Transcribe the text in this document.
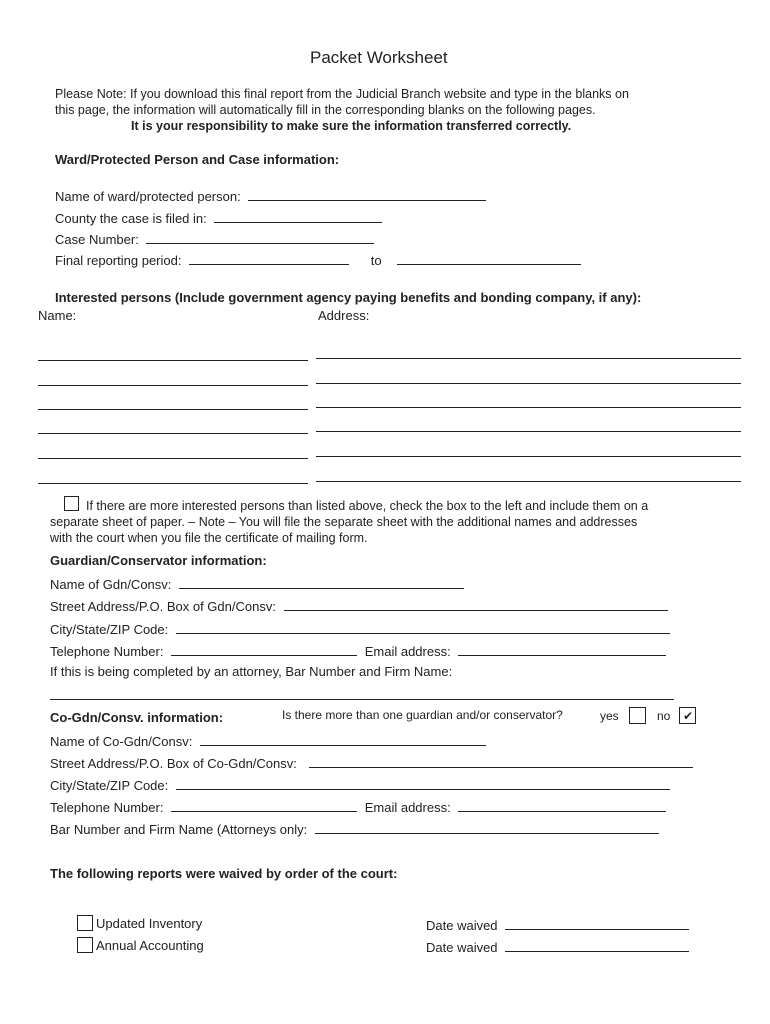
Packet Worksheet
Please Note: If you download this final report from the Judicial Branch website and type in the blanks on
this page, the information will automatically fill in the corresponding blanks on the following pages.
It is your responsibility to make sure the information transferred correctly.
Ward/Protected Person and Case information:
Name of ward/protected person:
County the case is filed in:
Case Number:
Final reporting period:	to
Interested persons (Include government agency paying benefits and bonding company, if any):
Name:	Address:
If there are more interested persons than listed above, check the box to the left and include them on a
separate sheet of paper. – Note – You will file the separate sheet with the additional names and addresses
with the court when you file the certificate of mailing form.
Guardian/Conservator information:
Name of Gdn/Consv:
Street Address/P.O. Box of Gdn/Consv:
City/State/ZIP Code:
Telephone Number:	Email address:
If this is being completed by an attorney, Bar Number and Firm Name:
Co-Gdn/Consv. information:	Is there more than one guardian and/or conservator?	yes	no ✔
Name of Co-Gdn/Consv:
Street Address/P.O. Box of Co-Gdn/Consv:
City/State/ZIP Code:
Telephone Number:	Email address:
Bar Number and Firm Name (Attorneys only:
The following reports were waived by order of the court:
Updated Inventory	Date waived
Annual Accounting	Date waived
